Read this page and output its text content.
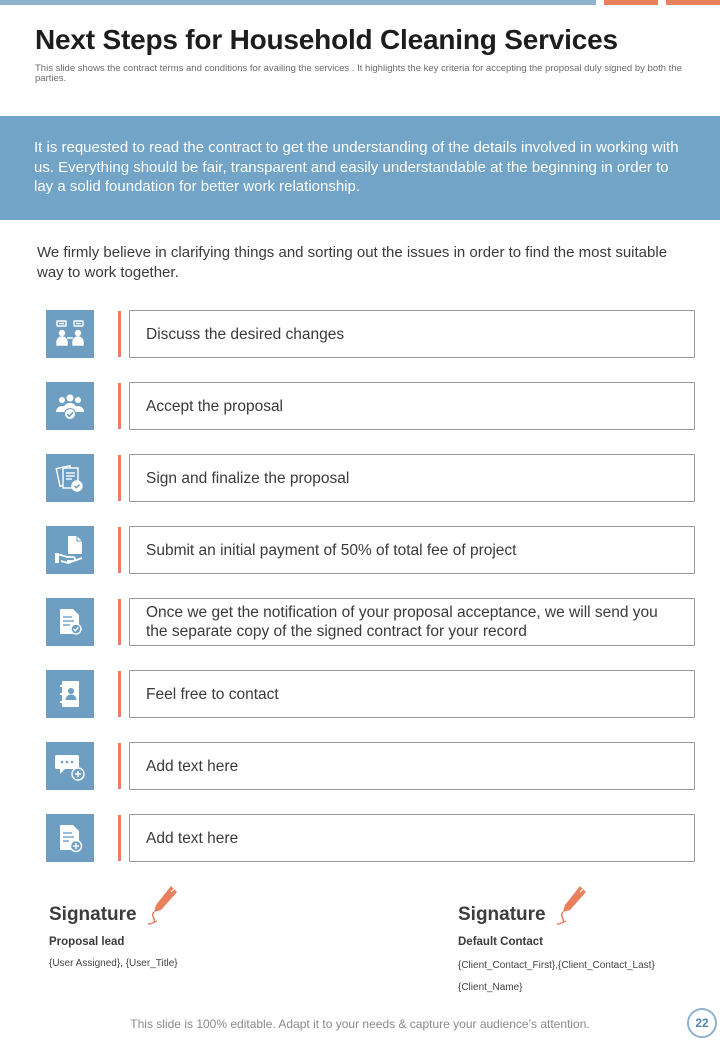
Next Steps for Household Cleaning Services

This slide shows the contract terms and conditions for availing the services . It highlights the key criteria for accepting the proposal duly signed by both the parties.

It is requested to read the contract to get the understanding of the details involved in working with us. Everything should be fair, transparent and easily understandable at the beginning in order to lay a solid foundation for better work relationship.

We firmly believe in clarifying things and sorting out the issues in order to find the most suitable way to work together.

Discuss the desired changes
Accept the proposal
Sign and finalize the proposal
Submit an initial payment of 50% of total fee of project
Once we get the notification of your proposal acceptance, we will send you the separate copy of the signed contract for your record
Feel free to contact
Add text here
Add text here
Signature
Proposal lead
{User Assigned}, {User_Title}
Signature
Default Contact
{Client_Contact_First},{Client_Contact_Last}
{Client_Name}
This slide is 100% editable. Adapt it to your needs & capture your audience’s attention.	22
